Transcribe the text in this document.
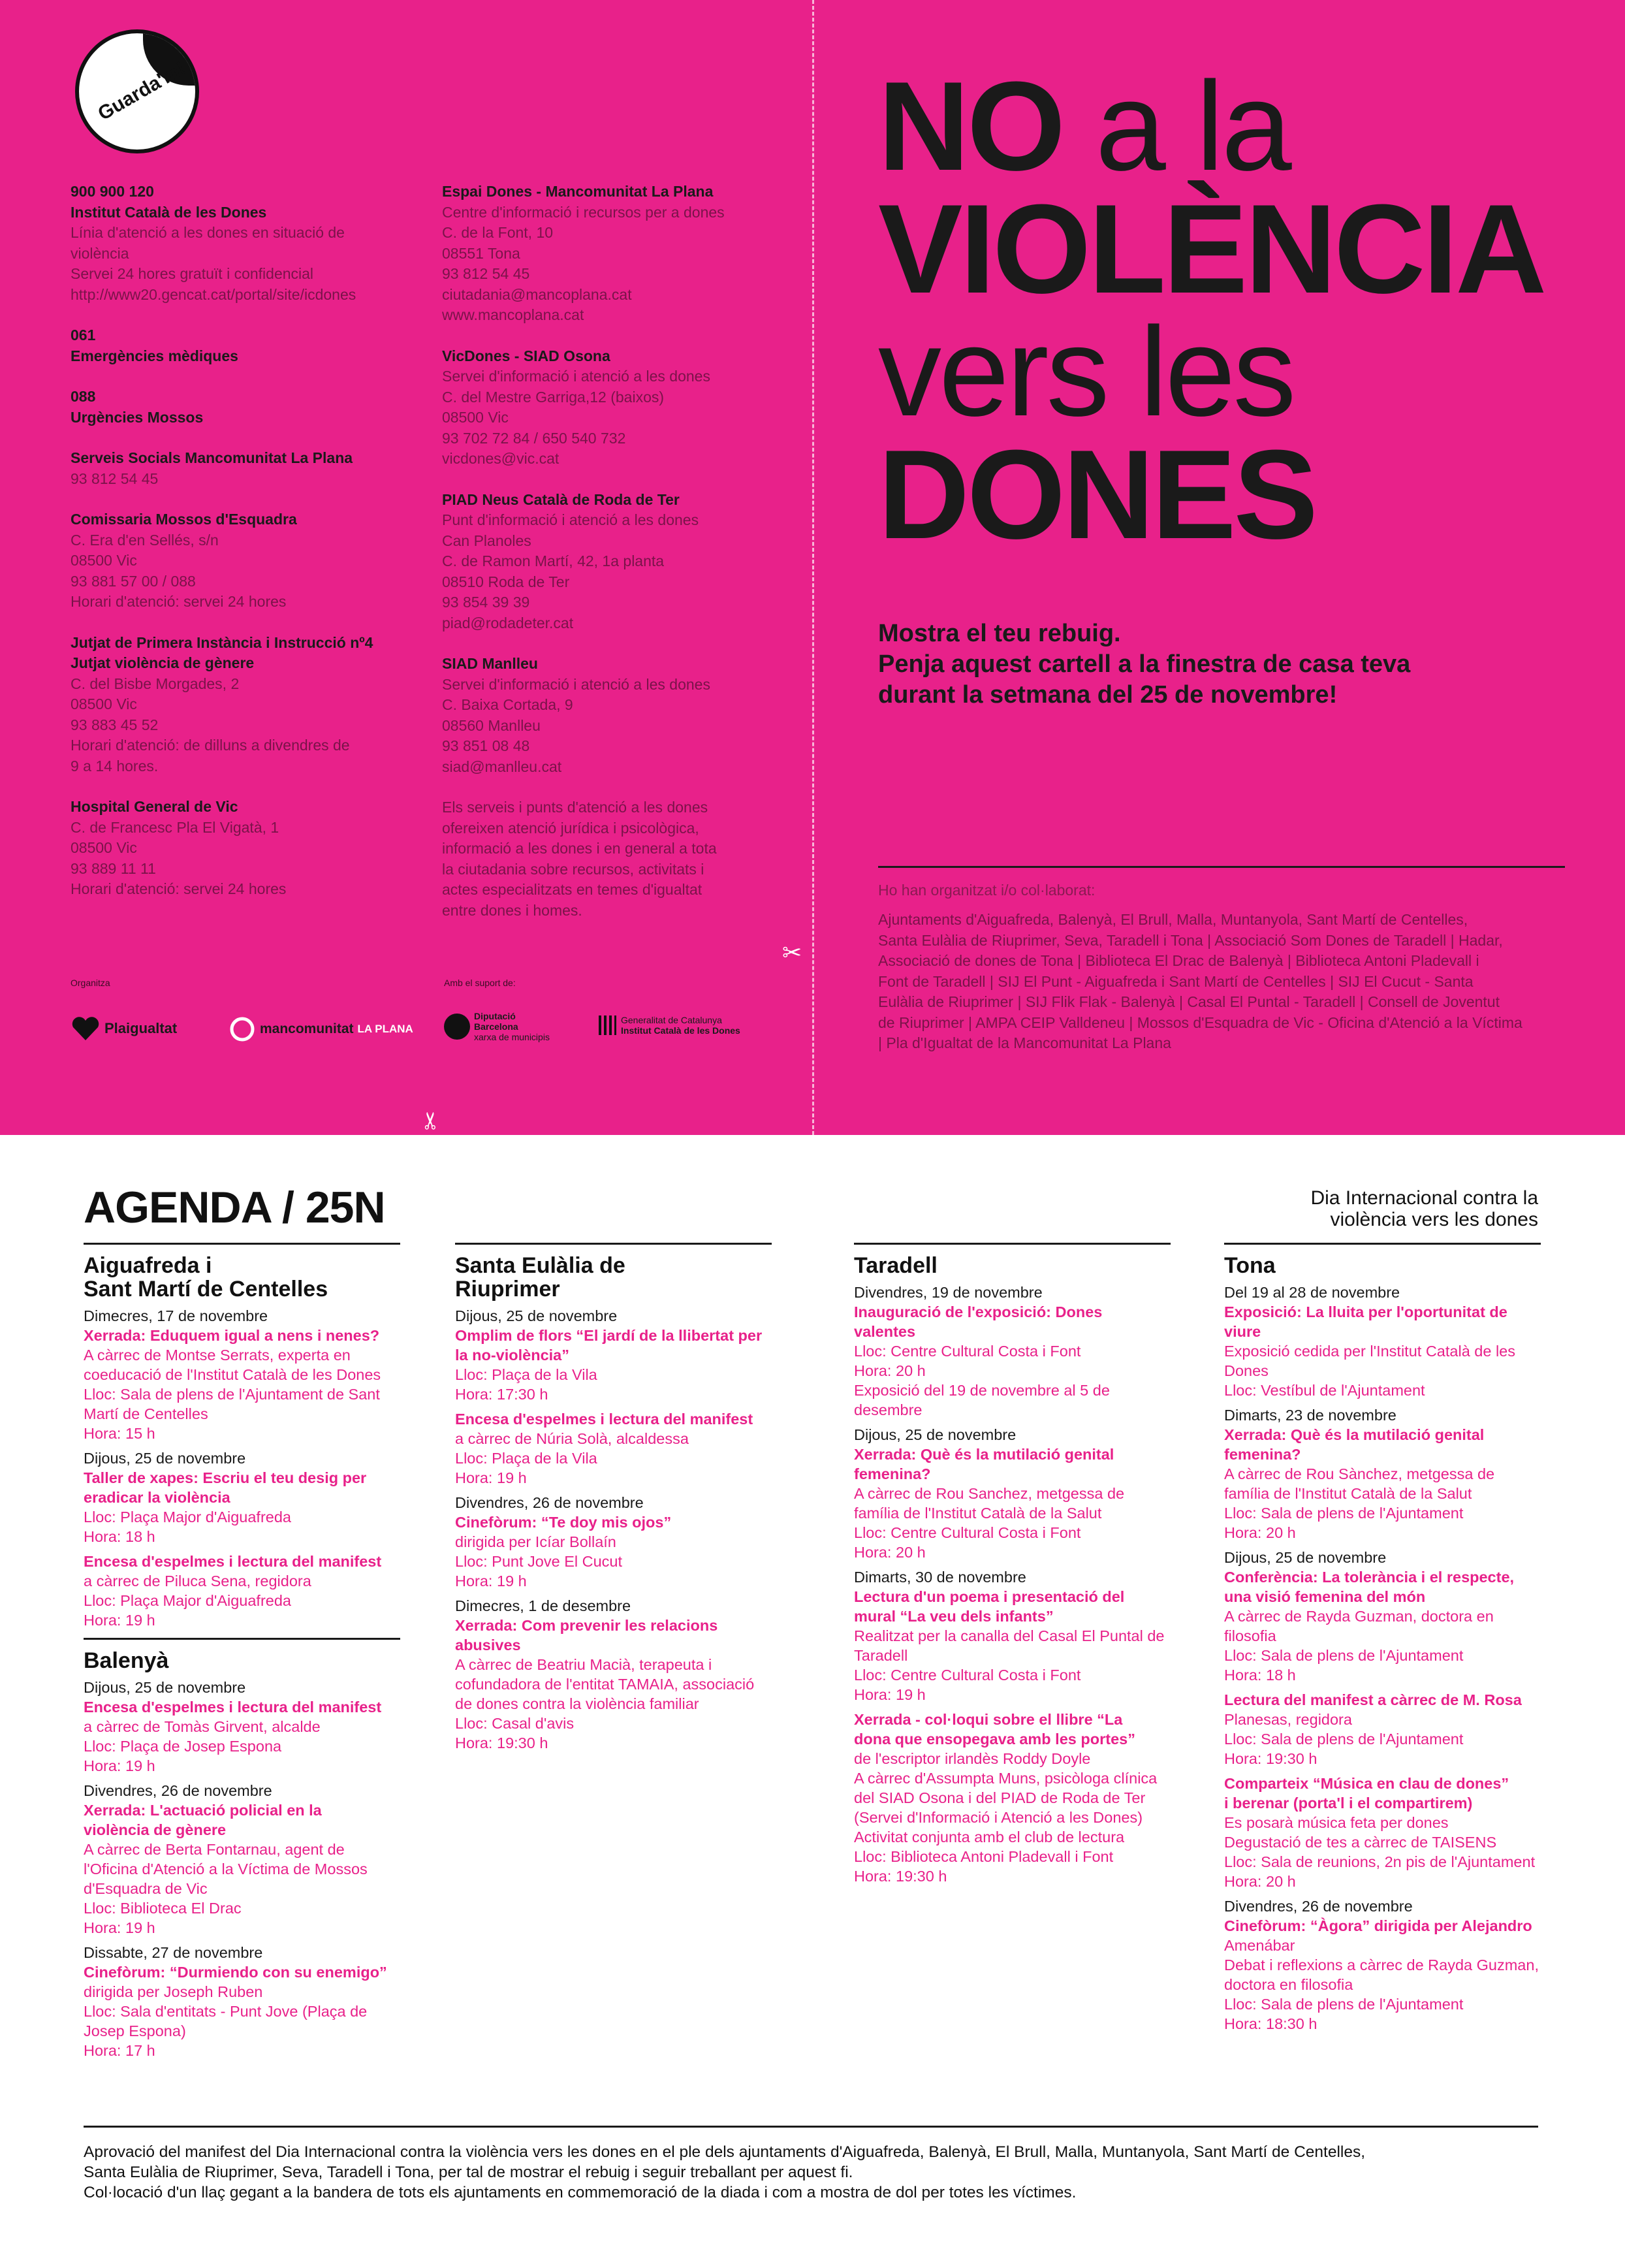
Guarda'm!
900 900 120
Institut Català de les Dones
Línia d'atenció a les dones en situació de
violència
Servei 24 hores gratuït i confidencial
http://www20.gencat.cat/portal/site/icdones
061
Emergències mèdiques
088
Urgències Mossos
Serveis Socials Mancomunitat La Plana
93 812 54 45
Comissaria Mossos d'Esquadra
C. Era d'en Sellés, s/n
08500 Vic
93 881 57 00 / 088
Horari d'atenció: servei 24 hores
Jutjat de Primera Instància i Instrucció nº4
Jutjat violència de gènere
C. del Bisbe Morgades, 2
08500 Vic
93 883 45 52
Horari d'atenció: de dilluns a divendres de
9 a 14 hores.
Hospital General de Vic
C. de Francesc Pla El Vigatà, 1
08500 Vic
93 889 11 11
Horari d'atenció: servei 24 hores
Espai Dones - Mancomunitat La Plana
Centre d'informació i recursos per a dones
C. de la Font, 10
08551 Tona
93 812 54 45
ciutadania@mancoplana.cat
www.mancoplana.cat
VicDones - SIAD Osona
Servei d'informació i atenció a les dones
C. del Mestre Garriga,12 (baixos)
08500 Vic
93 702 72 84 / 650 540 732
vicdones@vic.cat
PIAD Neus Català de Roda de Ter
Punt d'informació i atenció a les dones
Can Planoles
C. de Ramon Martí, 42, 1a planta
08510 Roda de Ter
93 854 39 39
piad@rodadeter.cat
SIAD Manlleu
Servei d'informació i atenció a les dones
C. Baixa Cortada, 9
08560 Manlleu
93 851 08 48
siad@manlleu.cat
Els serveis i punts d'atenció a les dones
ofereixen atenció jurídica i psicològica,
informació a les dones i en general a tota
la ciutadania sobre recursos, activitats i
actes especialitzats en temes d'igualtat
entre dones i homes.
Organitza	Amb el suport de:
Plaigualtat	mancomunitat LA PLANA
Diputació
Barcelona
xarxa de municipis
Generalitat de Catalunya
Institut Català de les Dones
✂
✂
NO a la
VIOLÈNCIA
vers les
DONES
Mostra el teu rebuig.
Penja aquest cartell a la finestra de casa teva
durant la setmana del 25 de novembre!
Ho han organitzat i/o col·laborat:
Ajuntaments d'Aiguafreda, Balenyà, El Brull, Malla, Muntanyola, Sant Martí de Centelles,
Santa Eulàlia de Riuprimer, Seva, Taradell i Tona | Associació Som Dones de Taradell | Hadar,
Associació de dones de Tona | Biblioteca El Drac de Balenyà | Biblioteca Antoni Pladevall i
Font de Taradell | SIJ El Punt - Aiguafreda i Sant Martí de Centelles | SIJ El Cucut - Santa
Eulàlia de Riuprimer | SIJ Flik Flak - Balenyà | Casal El Puntal - Taradell | Consell de Joventut
de Riuprimer | AMPA CEIP Valldeneu | Mossos d'Esquadra de Vic - Oficina d'Atenció a la Víctima
| Pla d'Igualtat de la Mancomunitat La Plana
AGENDA / 25N	Dia Internacional contra la
violència vers les dones
Aiguafreda i
Sant Martí de Centelles
Dimecres, 17 de novembre
Xerrada: Eduquem igual a nens i nenes?
A càrrec de Montse Serrats, experta en
coeducació de l'Institut Català de les Dones
Lloc: Sala de plens de l'Ajuntament de Sant
Martí de Centelles
Hora: 15 h
Dijous, 25 de novembre
Taller de xapes: Escriu el teu desig per
eradicar la violència
Lloc: Plaça Major d'Aiguafreda
Hora: 18 h
Encesa d'espelmes i lectura del manifest
a càrrec de Piluca Sena, regidora
Lloc: Plaça Major d'Aiguafreda
Hora: 19 h
Balenyà
Dijous, 25 de novembre
Encesa d'espelmes i lectura del manifest
a càrrec de Tomàs Girvent, alcalde
Lloc: Plaça de Josep Espona
Hora: 19 h
Divendres, 26 de novembre
Xerrada: L'actuació policial en la
violència de gènere
A càrrec de Berta Fontarnau, agent de
l'Oficina d'Atenció a la Víctima de Mossos
d'Esquadra de Vic
Lloc: Biblioteca El Drac
Hora: 19 h
Dissabte, 27 de novembre
Cinefòrum: “Durmiendo con su enemigo”
dirigida per Joseph Ruben
Lloc: Sala d'entitats - Punt Jove (Plaça de
Josep Espona)
Hora: 17 h
Santa Eulàlia de
Riuprimer
Dijous, 25 de novembre
Omplim de flors “El jardí de la llibertat per
la no-violència”
Lloc: Plaça de la Vila
Hora: 17:30 h
Encesa d'espelmes i lectura del manifest
a càrrec de Núria Solà, alcaldessa
Lloc: Plaça de la Vila
Hora: 19 h
Divendres, 26 de novembre
Cinefòrum: “Te doy mis ojos”
dirigida per Icíar Bollaín
Lloc: Punt Jove El Cucut
Hora: 19 h
Dimecres, 1 de desembre
Xerrada: Com prevenir les relacions
abusives
A càrrec de Beatriu Macià, terapeuta i
cofundadora de l'entitat TAMAIA, associació
de dones contra la violència familiar
Lloc: Casal d'avis
Hora: 19:30 h
Taradell
Divendres, 19 de novembre
Inauguració de l'exposició: Dones
valentes
Lloc: Centre Cultural Costa i Font
Hora: 20 h
Exposició del 19 de novembre al 5 de
desembre
Dijous, 25 de novembre
Xerrada: Què és la mutilació genital
femenina?
A càrrec de Rou Sanchez, metgessa de
família de l'Institut Català de la Salut
Lloc: Centre Cultural Costa i Font
Hora: 20 h
Dimarts, 30 de novembre
Lectura d'un poema i presentació del
mural “La veu dels infants”
Realitzat per la canalla del Casal El Puntal de
Taradell
Lloc: Centre Cultural Costa i Font
Hora: 19 h
Xerrada - col·loqui sobre el llibre “La
dona que ensopegava amb les portes”
de l'escriptor irlandès Roddy Doyle
A càrrec d'Assumpta Muns, psicòloga clínica
del SIAD Osona i del PIAD de Roda de Ter
(Servei d'Informació i Atenció a les Dones)
Activitat conjunta amb el club de lectura
Lloc: Biblioteca Antoni Pladevall i Font
Hora: 19:30 h
Tona
Del 19 al 28 de novembre
Exposició: La lluita per l'oportunitat de
viure
Exposició cedida per l'Institut Català de les
Dones
Lloc: Vestíbul de l'Ajuntament
Dimarts, 23 de novembre
Xerrada: Què és la mutilació genital
femenina?
A càrrec de Rou Sànchez, metgessa de
família de l'Institut Català de la Salut
Lloc: Sala de plens de l'Ajuntament
Hora: 20 h
Dijous, 25 de novembre
Conferència: La tolerància i el respecte,
una visió femenina del món
A càrrec de Rayda Guzman, doctora en
filosofia
Lloc: Sala de plens de l'Ajuntament
Hora: 18 h
Lectura del manifest a càrrec de M. Rosa
Planesas, regidora
Lloc: Sala de plens de l'Ajuntament
Hora: 19:30 h
Comparteix “Música en clau de dones”
i berenar (porta'l i el compartirem)
Es posarà música feta per dones
Degustació de tes a càrrec de TAISENS
Lloc: Sala de reunions, 2n pis de l'Ajuntament
Hora: 20 h
Divendres, 26 de novembre
Cinefòrum: “Àgora” dirigida per Alejandro
Amenábar
Debat i reflexions a càrrec de Rayda Guzman,
doctora en filosofia
Lloc: Sala de plens de l'Ajuntament
Hora: 18:30 h
Aprovació del manifest del Dia Internacional contra la violència vers les dones en el ple dels ajuntaments d'Aiguafreda, Balenyà, El Brull, Malla, Muntanyola, Sant Martí de Centelles,
Santa Eulàlia de Riuprimer, Seva, Taradell i Tona, per tal de mostrar el rebuig i seguir treballant per aquest fi.
Col·locació d'un llaç gegant a la bandera de tots els ajuntaments en commemoració de la diada i com a mostra de dol per totes les víctimes.
